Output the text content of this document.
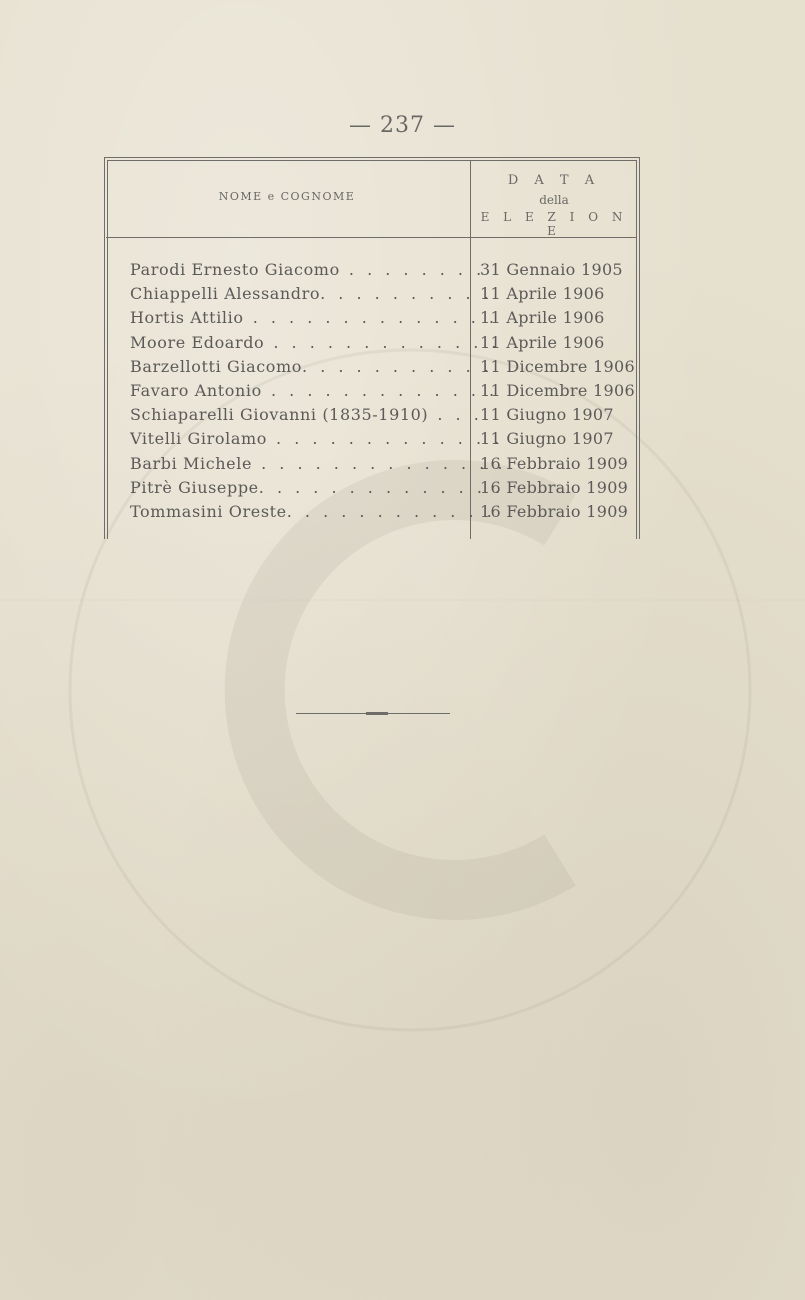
— 237 —
NOME e COGNOME
D A T A
della
E L E Z I O N E
Parodi Ernesto Giacomo . . . . . . . .
31 Gennaio 1905
Chiappelli Alessandro. . . . . . . . . .
11 Aprile 1906
Hortis Attilio . . . . . . . . . . . . . .
11 Aprile 1906
Moore Edoardo . . . . . . . . . . . . .
11 Aprile 1906
Barzellotti Giacomo. . . . . . . . . . .
11 Dicembre 1906
Favaro Antonio . . . . . . . . . . . . .
11 Dicembre 1906
Schiaparelli Giovanni (1835-1910) . . .
11 Giugno 1907
Vitelli Girolamo . . . . . . . . . . . . .
11 Giugno 1907
Barbi Michele . . . . . . . . . . . . . .
16 Febbraio 1909
Pitrè Giuseppe. . . . . . . . . . . . . .
16 Febbraio 1909
Tommasini Oreste. . . . . . . . . . . .
16 Febbraio 1909
